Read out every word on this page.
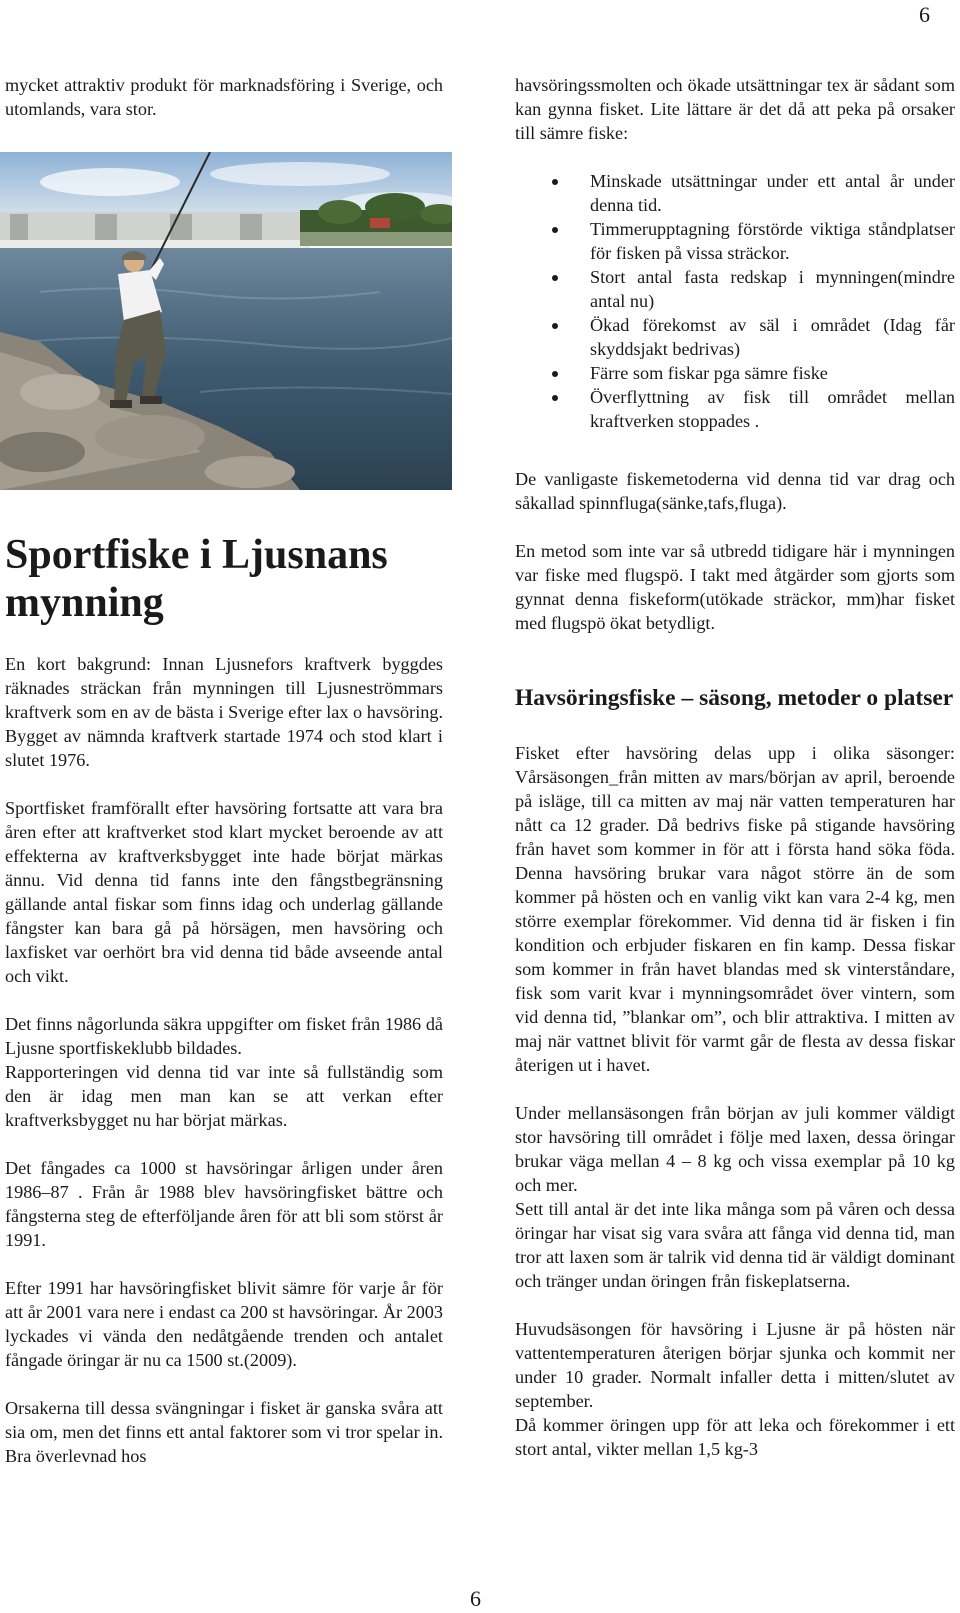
6

mycket attraktiv produkt för marknadsföring i Sverige, och utomlands, vara stor.

Sportfiske i Ljusnans mynning

En kort bakgrund: Innan Ljusnefors kraftverk byggdes räknades sträckan från mynningen till Ljusneströmmars kraftverk som en av de bästa i Sverige efter lax o havsöring. Bygget av nämnda kraftverk startade 1974 och stod klart i slutet 1976.

Sportfisket framförallt efter havsöring fortsatte att vara bra åren efter att kraftverket stod klart mycket beroende av att effekterna av kraftverksbygget inte hade börjat märkas ännu. Vid denna tid fanns inte den fångstbegränsning gällande antal fiskar som finns idag och underlag gällande fångster kan bara gå på hörsägen, men havsöring och laxfisket var oerhört bra vid denna tid både avseende antal och vikt.

Det finns någorlunda säkra uppgifter om fisket från 1986 då Ljusne sportfiskeklubb bildades.

Rapporteringen vid denna tid var inte så fullständig som den är idag men man kan se att verkan efter kraftverksbygget nu har börjat märkas.

Det fångades ca 1000 st havsöringar årligen under åren 1986–87 . Från år 1988 blev havsöringfisket bättre och fångsterna steg de efterföljande åren för att bli som störst år 1991.

Efter 1991 har havsöringfisket blivit sämre för varje år för att år 2001 vara nere i endast ca 200 st havsöringar. År 2003 lyckades vi vända den nedåtgående trenden och antalet fångade öringar är nu ca 1500 st.(2009).

Orsakerna till dessa svängningar i fisket är ganska svåra att sia om, men det finns ett antal faktorer som vi tror spelar in. Bra överlevnad hos

havsöringssmolten och ökade utsättningar tex är sådant som kan gynna fisket. Lite lättare är det då att peka på orsaker till sämre fiske:

Minskade utsättningar under ett antal år under denna tid.
Timmerupptagning förstörde viktiga ståndplatser för fisken på vissa sträckor.
Stort antal fasta redskap i mynningen(mindre antal nu)
Ökad förekomst av säl i området (Idag får skyddsjakt bedrivas)
Färre som fiskar pga sämre fiske
Överflyttning av fisk till området mellan kraftverken stoppades .

De vanligaste fiskemetoderna vid denna tid var drag och såkallad spinnfluga(sänke,tafs,fluga).

En metod som inte var så utbredd tidigare här i mynningen var fiske med flugspö. I takt med åtgärder som gjorts som gynnat denna fiskeform(utökade sträckor, mm)har fisket med flugspö ökat betydligt.

Havsöringsfiske – säsong, metoder o platser

Fisket efter havsöring delas upp i olika säsonger: Vårsäsongen_från mitten av mars/början av april, beroende på isläge, till ca mitten av maj när vatten temperaturen har nått ca 12 grader. Då bedrivs fiske på stigande havsöring från havet som kommer in för att i första hand söka föda. Denna havsöring brukar vara något större än de som kommer på hösten och en vanlig vikt kan vara 2-4 kg, men större exemplar förekommer. Vid denna tid är fisken i fin kondition och erbjuder fiskaren en fin kamp. Dessa fiskar som kommer in från havet blandas med sk vinterståndare, fisk som varit kvar i mynningsområdet över vintern, som vid denna tid, ”blankar om”, och blir attraktiva. I mitten av maj när vattnet blivit för varmt går de flesta av dessa fiskar återigen ut i havet.

Under mellansäsongen från början av juli kommer väldigt stor havsöring till området i följe med laxen, dessa öringar brukar väga mellan 4 – 8 kg och vissa exemplar på 10 kg och mer.

Sett till antal är det inte lika många som på våren och dessa öringar har visat sig vara svåra att fånga vid denna tid, man tror att laxen som är talrik vid denna tid är väldigt dominant och tränger undan öringen från fiskeplatserna.

Huvudsäsongen för havsöring i Ljusne är på hösten när vattentemperaturen återigen börjar sjunka och kommit ner under 10 grader. Normalt infaller detta i mitten/slutet av september.

Då kommer öringen upp för att leka och förekommer i ett stort antal, vikter mellan 1,5 kg-3

6
